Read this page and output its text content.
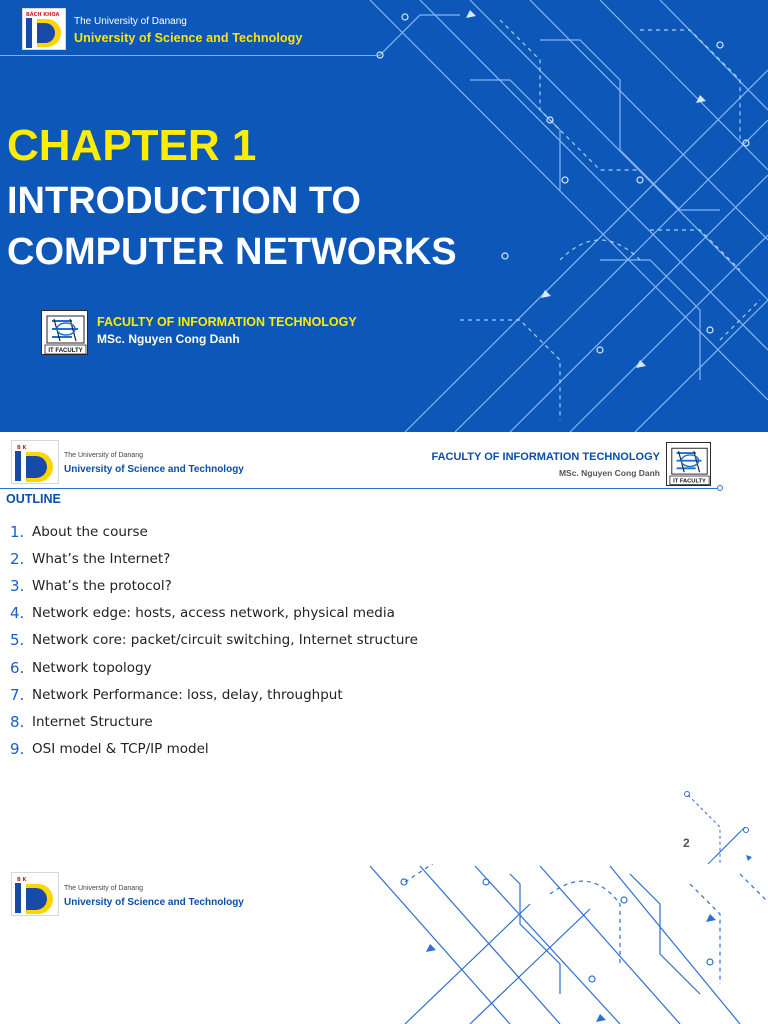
BÁCH KHOA
The University of Danang
University of Science and Technology
CHAPTER 1
INTRODUCTION TO
COMPUTER NETWORKS
IT FACULTY
FACULTY OF INFORMATION TECHNOLOGY
MSc. Nguyen Cong Danh
B K
The University of Danang
University of Science and Technology
FACULTY OF INFORMATION TECHNOLOGY
MSc. Nguyen Cong Danh
IT FACULTY
OUTLINE
1. About the course
2. What’s the Internet?
3. What’s the protocol?
4. Network edge: hosts, access network, physical media
5. Network core: packet/circuit switching, Internet structure
6. Network topology
7. Network Performance: loss, delay, throughput
8. Internet Structure
9. OSI model & TCP/IP model
2
B K
The University of Danang
University of Science and Technology
